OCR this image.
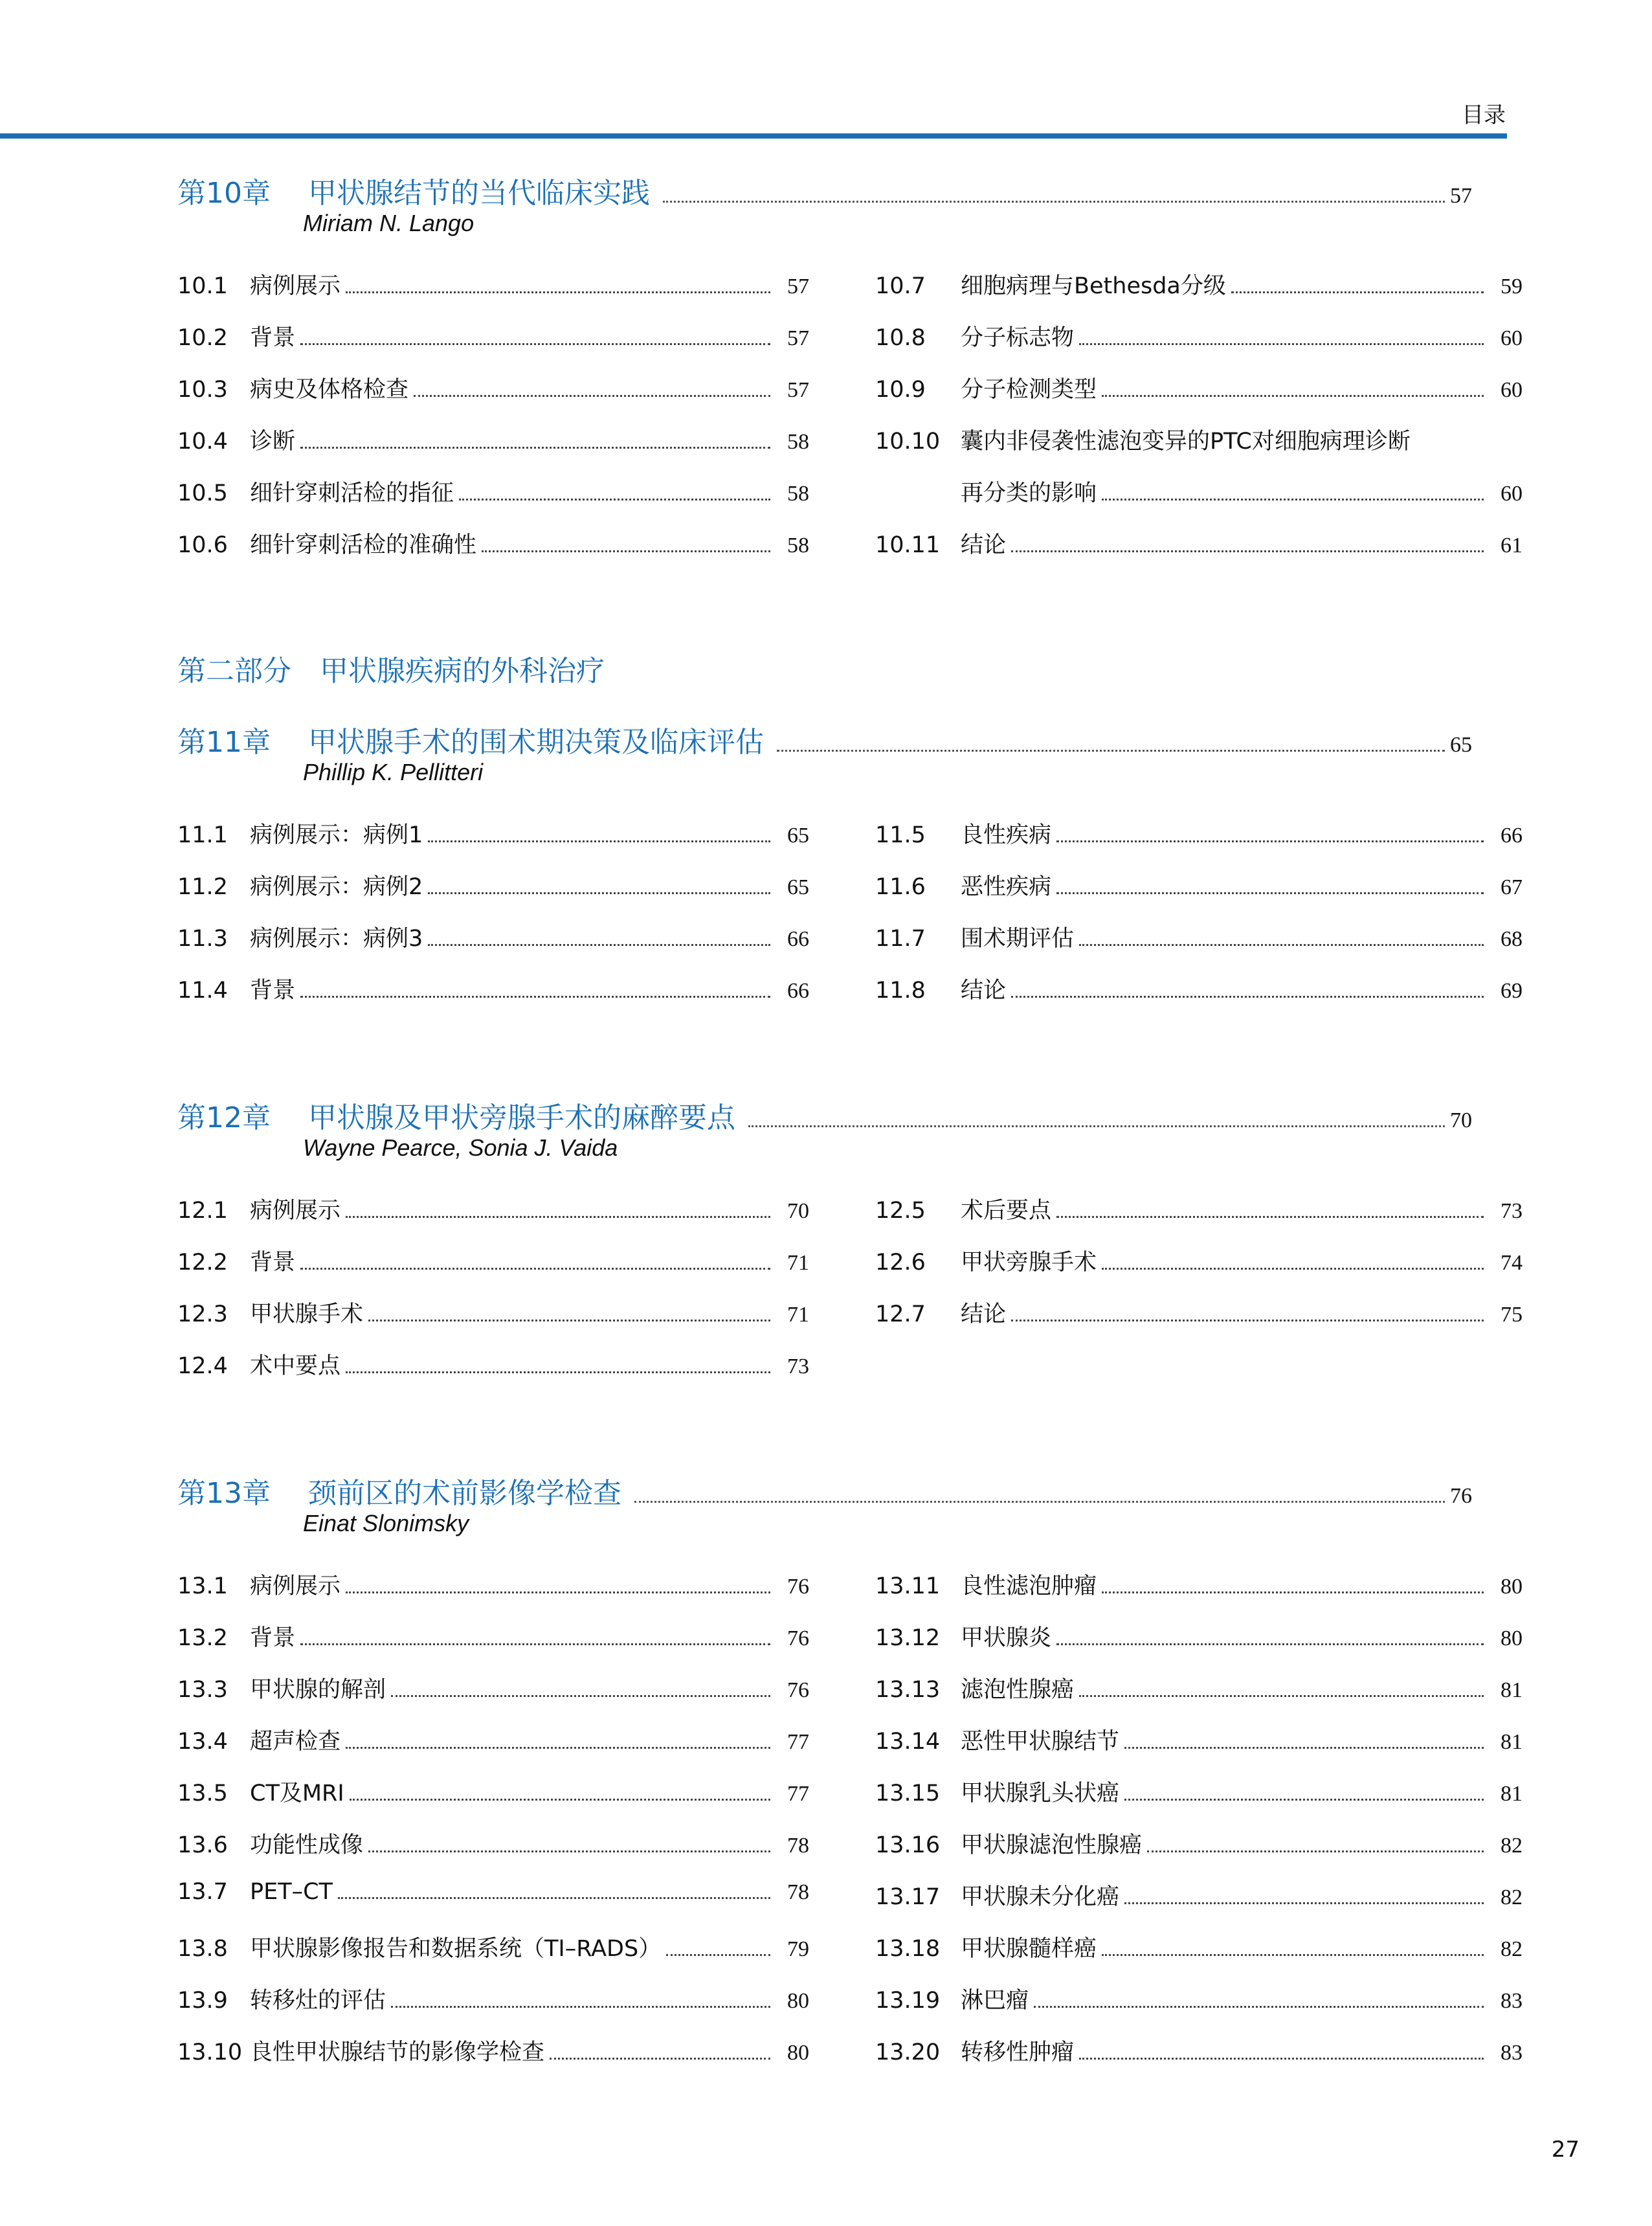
目录
第10章	甲状腺结节的当代临床实践	57
Miriam N. Lango
10.1 病例展示	57
10.2 背景	57
10.3 病史及体格检查	57
10.4 诊断	58
10.5 细针穿刺活检的指征	58
10.6 细针穿刺活检的准确性	58
10.7	细胞病理与Bethesda分级	59
10.8	分子标志物	60
10.9	分子检测类型	60
10.10 囊内非侵袭性滤泡变异的PTC对细胞病理诊断
再分类的影响	60
10.11 结论	61
第二部分　甲状腺疾病的外科治疗
第11章	甲状腺手术的围术期决策及临床评估	65
Phillip K. Pellitteri
11.1 病例展示：病例1	65
11.2 病例展示：病例2	65
11.3 病例展示：病例3	66
11.4 背景	66
11.5	良性疾病	66
11.6	恶性疾病	67
11.7	围术期评估	68
11.8	结论	69
第12章	甲状腺及甲状旁腺手术的麻醉要点	70
Wayne Pearce, Sonia J. Vaida
12.1 病例展示	70
12.2 背景	71
12.3 甲状腺手术	71
12.4 术中要点	73
12.5	术后要点	73
12.6	甲状旁腺手术	74
12.7	结论	75
第13章	颈前区的术前影像学检查	76
Einat Slonimsky
13.1 病例展示	76
13.2 背景	76
13.3 甲状腺的解剖	76
13.4 超声检查	77
13.5 CT及MRI	77
13.6 功能性成像	78
13.7 PET–CT	78
13.8 甲状腺影像报告和数据系统（TI–RADS）	79
13.9 转移灶的评估	80
13.10 良性甲状腺结节的影像学检查	80
13.11 良性滤泡肿瘤	80
13.12 甲状腺炎	80
13.13 滤泡性腺癌	81
13.14 恶性甲状腺结节	81
13.15 甲状腺乳头状癌	81
13.16 甲状腺滤泡性腺癌	82
13.17 甲状腺未分化癌	82
13.18 甲状腺髓样癌	82
13.19 淋巴瘤	83
13.20 转移性肿瘤	83
27
